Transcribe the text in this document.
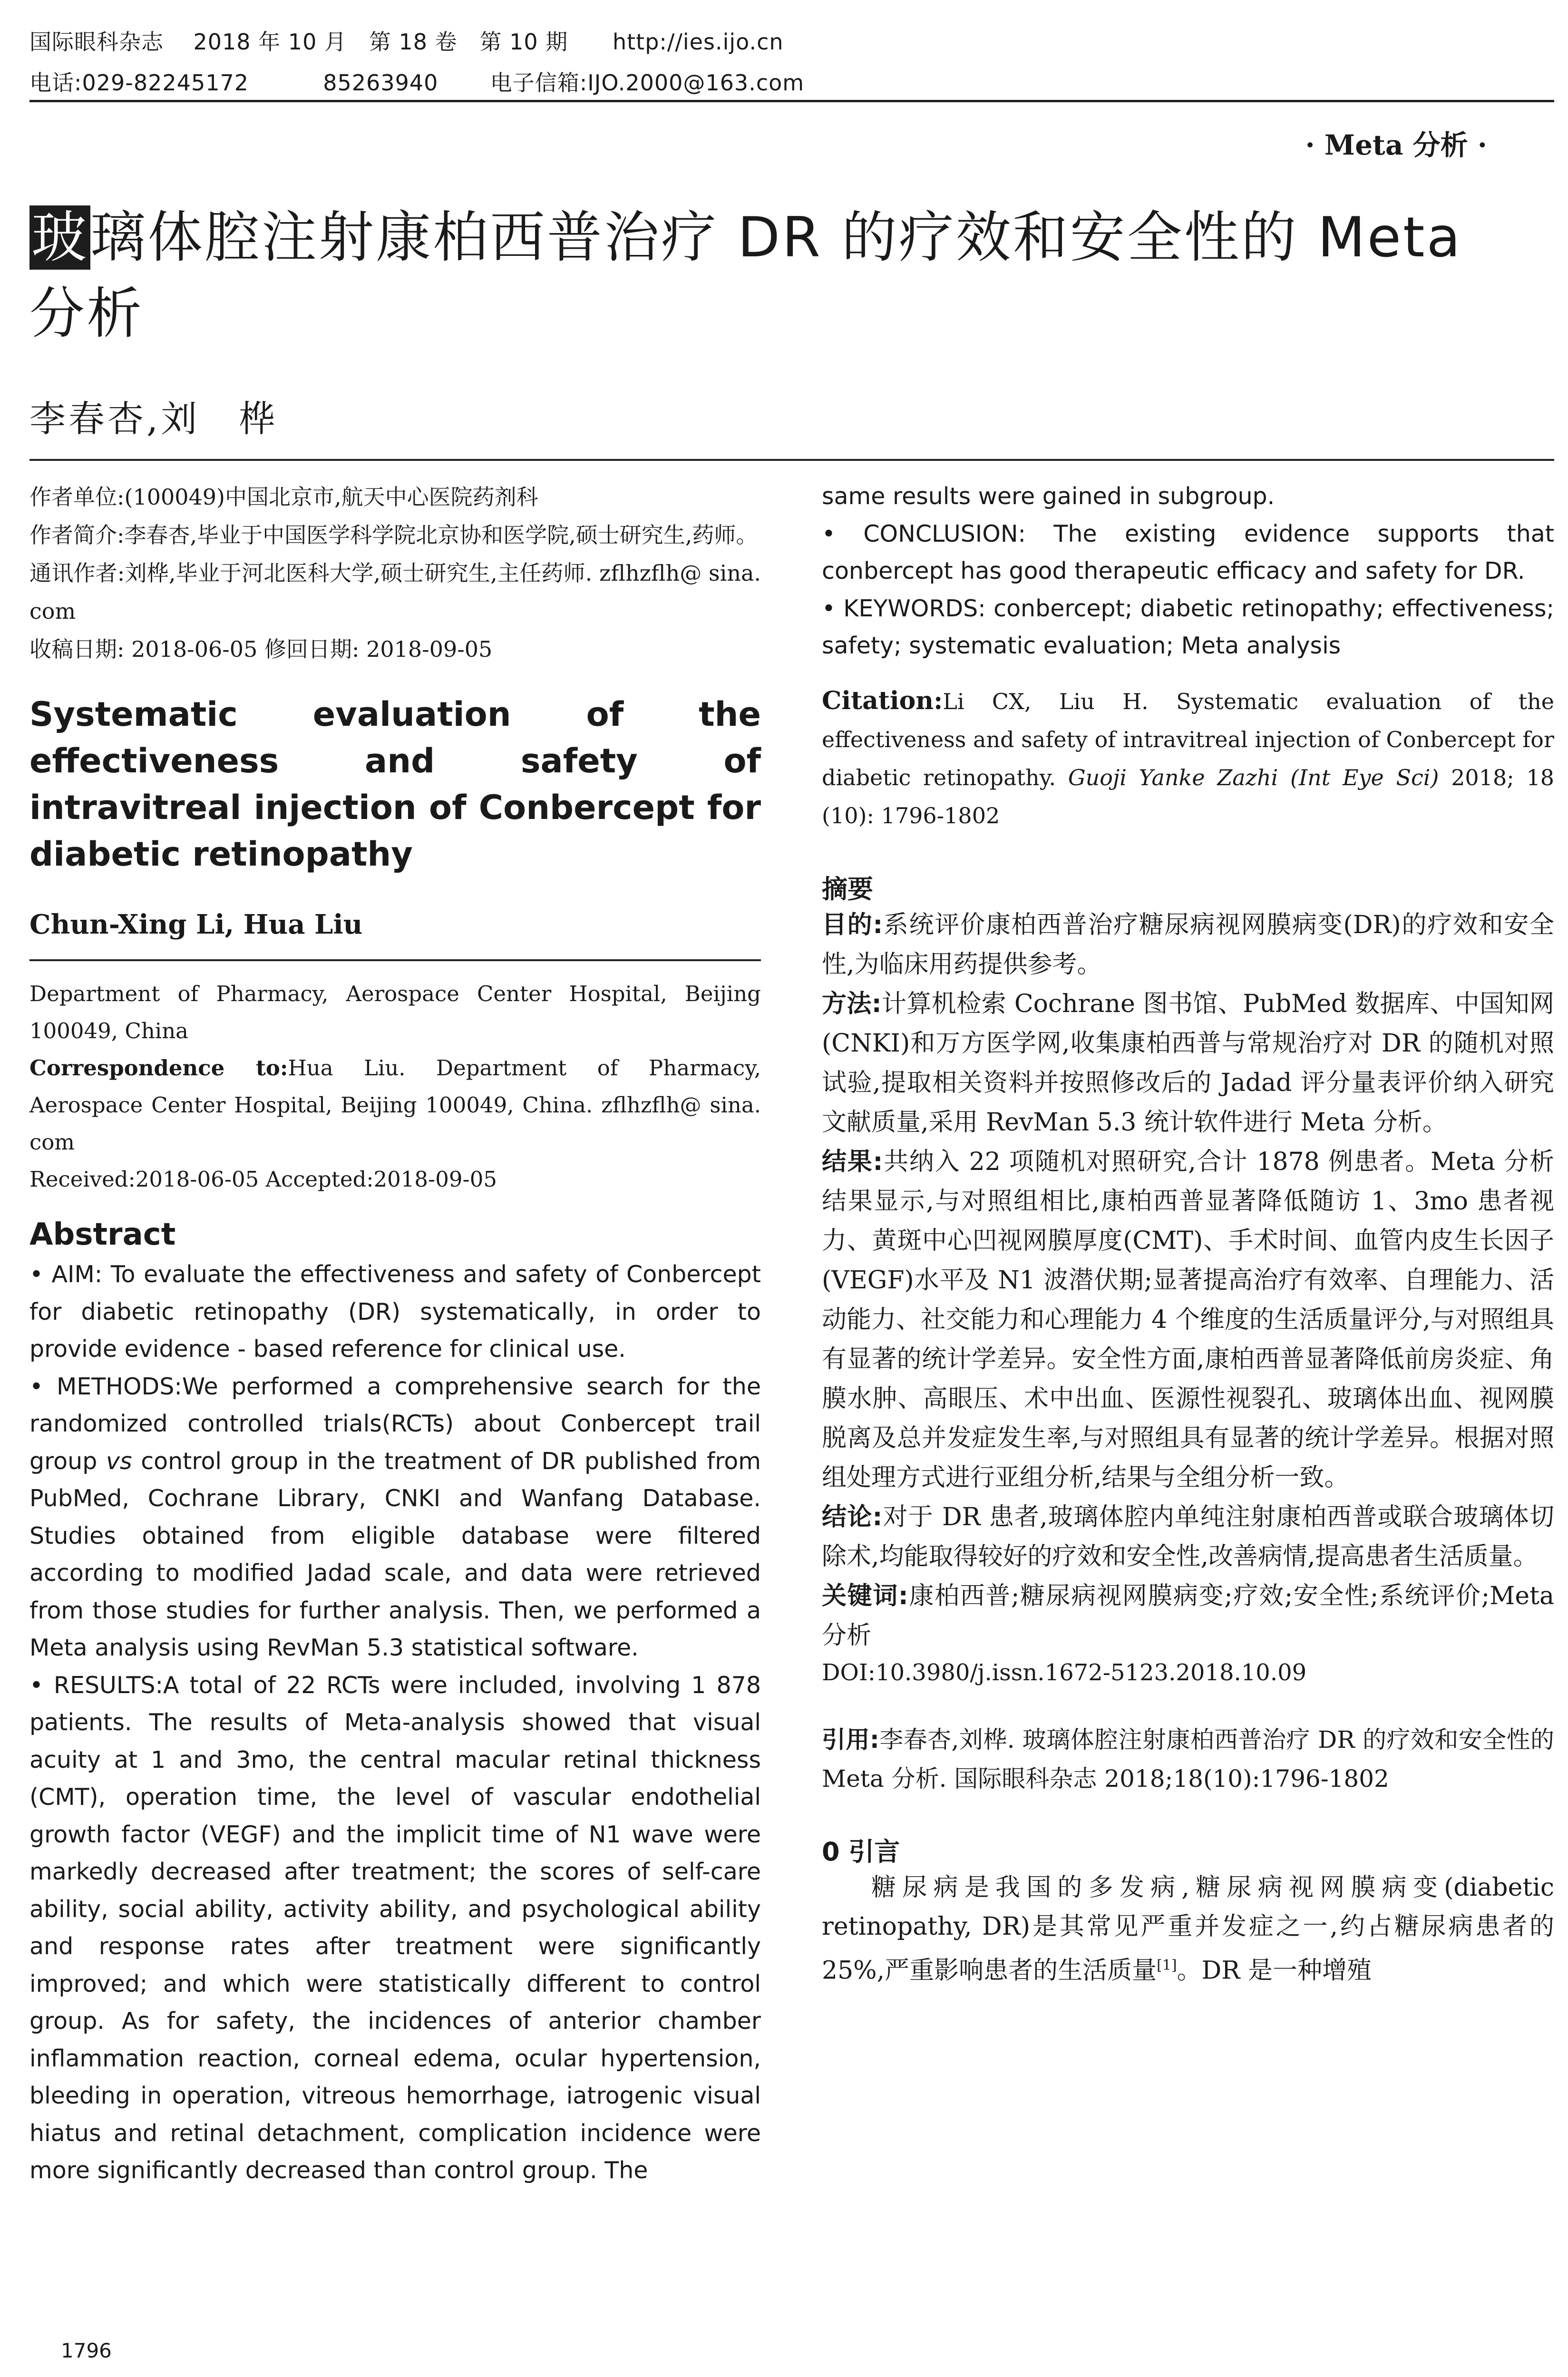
国际眼科杂志    2018 年 10 月   第 18 卷   第 10 期      http://ies.ijo.cn
电话:029-82245172          85263940       电子信箱:IJO.2000@163.com
· Meta 分析 ·
玻璃体腔注射康柏西普治疗 DR 的疗效和安全性的 Meta
分析
李春杏,刘　桦

作者单位:(100049)中国北京市,航天中心医院药剂科

作者简介:李春杏,毕业于中国医学科学院北京协和医学院,硕士研究生,药师。

通讯作者:刘桦,毕业于河北医科大学,硕士研究生,主任药师. zflhzflh@ sina. com

收稿日期: 2018-06-05 修回日期: 2018-09-05

Systematic evaluation of the effectiveness and safety of intravitreal injection of Conbercept for diabetic retinopathy
Chun-Xing Li, Hua Liu

Department of Pharmacy, Aerospace Center Hospital, Beijing 100049, China

Correspondence to:Hua Liu. Department of Pharmacy, Aerospace Center Hospital, Beijing 100049, China. zflhzflh@ sina. com

Received:2018-06-05 Accepted:2018-09-05

Abstract

• AIM: To evaluate the effectiveness and safety of Conbercept for diabetic retinopathy (DR) systematically, in order to provide evidence - based reference for clinical use.

• METHODS:We performed a comprehensive search for the randomized controlled trials(RCTs) about Conbercept trail group vs control group in the treatment of DR published from PubMed, Cochrane Library, CNKI and Wanfang Database. Studies obtained from eligible database were filtered according to modified Jadad scale, and data were retrieved from those studies for further analysis. Then, we performed a Meta analysis using RevMan 5.3 statistical software.

• RESULTS:A total of 22 RCTs were included, involving 1 878 patients. The results of Meta-analysis showed that visual acuity at 1 and 3mo, the central macular retinal thickness (CMT), operation time, the level of vascular endothelial growth factor (VEGF) and the implicit time of N1 wave were markedly decreased after treatment; the scores of self-care ability, social ability, activity ability, and psychological ability and response rates after treatment were significantly improved; and which were statistically different to control group. As for safety, the incidences of anterior chamber inflammation reaction, corneal edema, ocular hypertension, bleeding in operation, vitreous hemorrhage, iatrogenic visual hiatus and retinal detachment, complication incidence were more significantly decreased than control group. The

same results were gained in subgroup.

• CONCLUSION: The existing evidence supports that conbercept has good therapeutic efficacy and safety for DR.

• KEYWORDS: conbercept; diabetic retinopathy; effectiveness; safety; systematic evaluation; Meta analysis

Citation:Li CX, Liu H. Systematic evaluation of the effectiveness and safety of intravitreal injection of Conbercept for diabetic retinopathy. Guoji Yanke Zazhi (Int Eye Sci) 2018; 18 (10): 1796-1802
摘要

目的:系统评价康柏西普治疗糖尿病视网膜病变(DR)的疗效和安全性,为临床用药提供参考。

方法:计算机检索 Cochrane 图书馆、PubMed 数据库、中国知网(CNKI)和万方医学网,收集康柏西普与常规治疗对 DR 的随机对照试验,提取相关资料并按照修改后的 Jadad 评分量表评价纳入研究文献质量,采用 RevMan 5.3 统计软件进行 Meta 分析。

结果:共纳入 22 项随机对照研究,合计 1878 例患者。Meta 分析结果显示,与对照组相比,康柏西普显著降低随访 1、3mo 患者视力、黄斑中心凹视网膜厚度(CMT)、手术时间、血管内皮生长因子(VEGF)水平及 N1 波潜伏期;显著提高治疗有效率、自理能力、活动能力、社交能力和心理能力 4 个维度的生活质量评分,与对照组具有显著的统计学差异。安全性方面,康柏西普显著降低前房炎症、角膜水肿、高眼压、术中出血、医源性视裂孔、玻璃体出血、视网膜脱离及总并发症发生率,与对照组具有显著的统计学差异。根据对照组处理方式进行亚组分析,结果与全组分析一致。

结论:对于 DR 患者,玻璃体腔内单纯注射康柏西普或联合玻璃体切除术,均能取得较好的疗效和安全性,改善病情,提高患者生活质量。

关键词:康柏西普;糖尿病视网膜病变;疗效;安全性;系统评价;Meta 分析

DOI:10.3980/j.issn.1672-5123.2018.10.09
引用:李春杏,刘桦. 玻璃体腔注射康柏西普治疗 DR 的疗效和安全性的 Meta 分析. 国际眼科杂志 2018;18(10):1796-1802
0 引言

糖尿病是我国的多发病,糖尿病视网膜病变(diabetic retinopathy, DR)是其常见严重并发症之一,约占糖尿病患者的 25%,严重影响患者的生活质量[1]。DR 是一种增殖

1796
